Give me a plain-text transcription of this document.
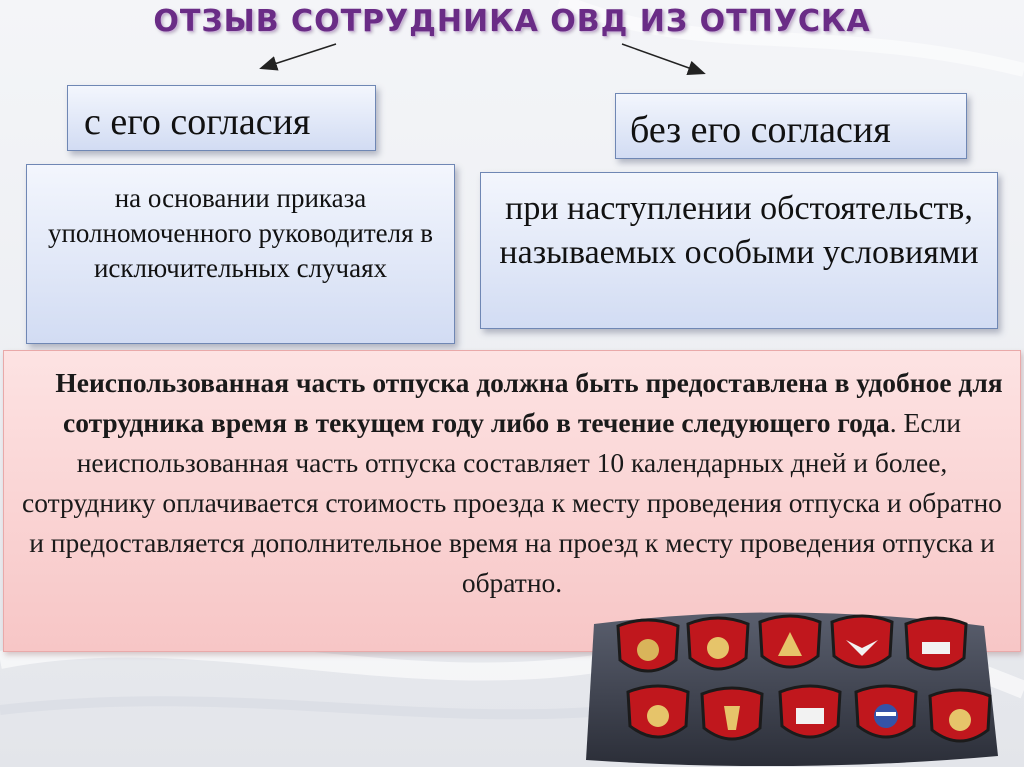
ОТЗЫВ СОТРУДНИКА ОВД ИЗ ОТПУСКА
с его согласия	без его согласия
на основании приказа уполномоченного руководителя в исключительных случаях
при наступлении обстоятельств, называемых особыми условиями
Неиспользованная часть отпуска должна быть предоставлена в удобное для сотрудника время в текущем году либо в течение следующего года. Если неиспользованная часть отпуска составляет 10 календарных дней и более, сотруднику оплачивается стоимость проезда к месту проведения отпуска и обратно и предоставляется дополнительное время на проезд к месту проведения отпуска и обратно.
